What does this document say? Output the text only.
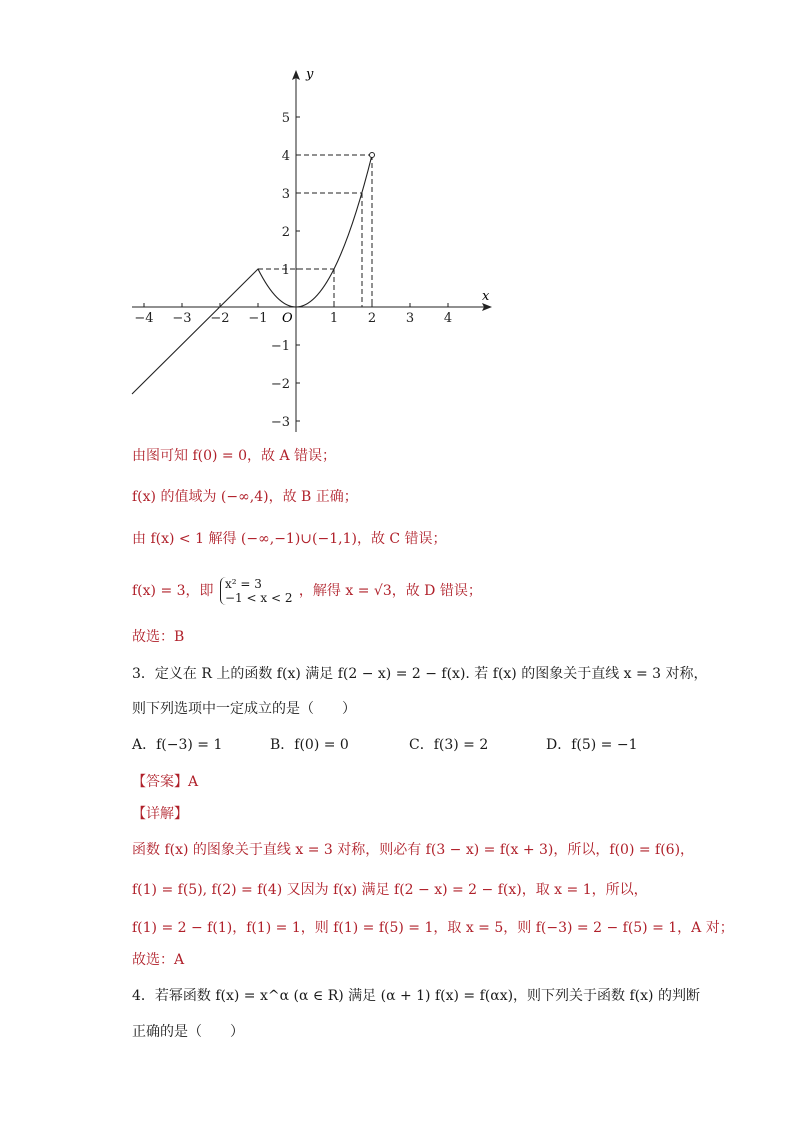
y
x
O
−4 −3 −2 −1	1 2 3 4
5
4
3
2
1
−1
−2
−3
由图可知 f(0) = 0，故 A 错误；
f(x) 的值域为 (−∞,4)，故 B 正确；
由 f(x) < 1 解得 (−∞,−1)∪(−1,1)，故 C 错误；
f(x) = 3，即 x² = 3
−1 < x < 2 ，解得 x = √3，故 D 错误；
故选：B
3．定义在 R 上的函数 f(x) 满足 f(2 − x) = 2 − f(x). 若 f(x) 的图象关于直线 x = 3 对称，
则下列选项中一定成立的是（　　）
A．f(−3) = 1	B．f(0) = 0	C．f(3) = 2	D．f(5) = −1
【答案】A
【详解】
函数 f(x) 的图象关于直线 x = 3 对称，则必有 f(3 − x) = f(x + 3)，所以，f(0) = f(6)，
f(1) = f(5), f(2) = f(4) 又因为 f(x) 满足 f(2 − x) = 2 − f(x)，取 x = 1，所以，
f(1) = 2 − f(1)，f(1) = 1，则 f(1) = f(5) = 1，取 x = 5，则 f(−3) = 2 − f(5) = 1，A 对；
故选：A
4．若幂函数 f(x) = x^α (α ∈ R) 满足 (α + 1) f(x) = f(αx)，则下列关于函数 f(x) 的判断
正确的是（　　）
